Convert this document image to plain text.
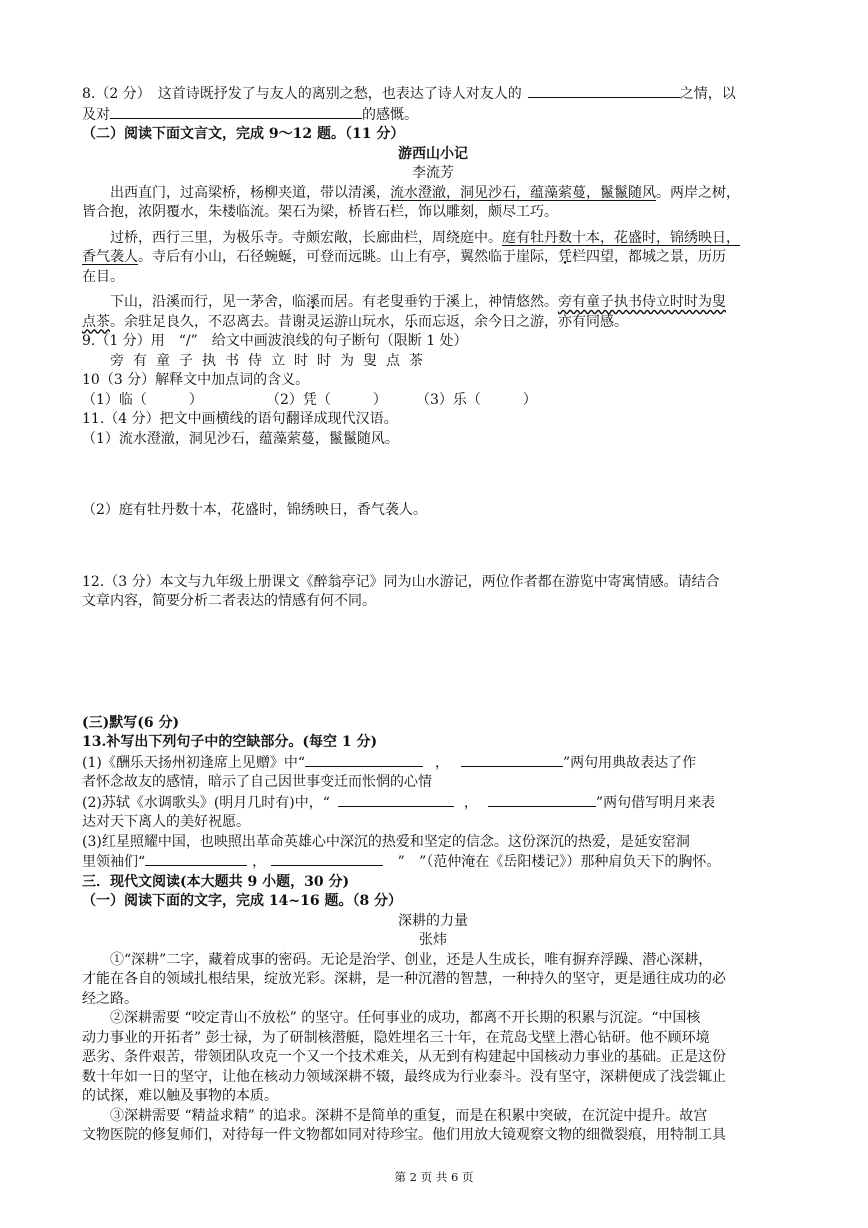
8.（2 分）　这首诗既抒发了与友人的离别之愁，也表达了诗人对友人的	之情，以

及对	的感慨。

（二）阅读下面文言文，完成 9～12 题。（11 分）

游西山小记

李流芳

出西直门，过高梁桥，杨柳夹道，带以清溪，流水澄澈，洞见沙石，蕴藻萦蔓，鬣鬣随风。两岸之树，

皆合抱，浓阴覆水，朱楼临流。架石为梁，桥皆石栏，饰以雕刻，颇尽工巧。

过桥，西行三里，为极乐寺。寺颇宏敞，长廊曲栏，周绕庭中。庭有牡丹数十本，花盛时，锦绣映日，

香气袭人。寺后有小山，石径蜿蜒，可登而远眺。山上有亭，翼然临于崖际，凭栏四望，都城之景，历历

在目。

下山，沿溪而行，见一茅舍，临溪而居。有老叟垂钓于溪上，神情悠然。旁有童子执书侍立时时为叟

点茶。余驻足良久，不忍离去。昔谢灵运游山玩水，乐而忘返，余今日之游，亦有同感。

9.（1 分）用　“/”　给文中画波浪线的句子断句（限断 1 处）

旁有童子执书侍立时时为叟点茶

10（3 分）解释文中加点词的含义。

（1）临（　　　）	（2）凭（　　　） （3）乐（　　　）

11.（4 分）把文中画横线的语句翻译成现代汉语。

（1）流水澄澈，洞见沙石，蕴藻萦蔓，鬣鬣随风。

（2）庭有牡丹数十本，花盛时，锦绣映日，香气袭人。

12.（3 分）本文与九年级上册课文《醉翁亭记》同为山水游记，两位作者都在游览中寄寓情感。请结合

文章内容，简要分析二者表达的情感有何不同。

(三)默写(6 分)

13.补写出下列句子中的空缺部分。(每空 1 分)

(1)《酬乐天扬州初逢席上见赠》中“	，	”两句用典故表达了作

者怀念故友的感情，暗示了自己因世事变迁而怅惘的心情

(2)苏轼《水调歌头》(明月几时有)中，“	，	”两句借写明月来表

达对天下离人的美好祝愿。

(3)红星照耀中国，也映照出革命英雄心中深沉的热爱和坚定的信念。这份深沉的热爱，是延安窑洞

里领袖们“	，	” ”（范仲淹在《岳阳楼记》）那种肩负天下的胸怀。

三．现代文阅读(本大题共 9 小题，30 分)

（一）阅读下面的文字，完成 14~16 题。（8 分）

深耕的力量

张炜

①“深耕”二字，藏着成事的密码。无论是治学、创业，还是人生成长，唯有摒弃浮躁、潜心深耕，

才能在各自的领域扎根结果，绽放光彩。深耕，是一种沉潜的智慧，一种持久的坚守，更是通往成功的必

经之路。

②深耕需要 “咬定青山不放松” 的坚守。任何事业的成功，都离不开长期的积累与沉淀。“中国核

动力事业的开拓者” 彭士禄，为了研制核潜艇，隐姓埋名三十年，在荒岛戈壁上潜心钻研。他不顾环境

恶劣、条件艰苦，带领团队攻克一个又一个技术难关，从无到有构建起中国核动力事业的基础。正是这份

数十年如一日的坚守，让他在核动力领域深耕不辍，最终成为行业泰斗。没有坚守，深耕便成了浅尝辄止

的试探，难以触及事物的本质。

③深耕需要 “精益求精” 的追求。深耕不是简单的重复，而是在积累中突破，在沉淀中提升。故宫

文物医院的修复师们，对待每一件文物都如同对待珍宝。他们用放大镜观察文物的细微裂痕，用特制工具

第 2 页 共 6 页
